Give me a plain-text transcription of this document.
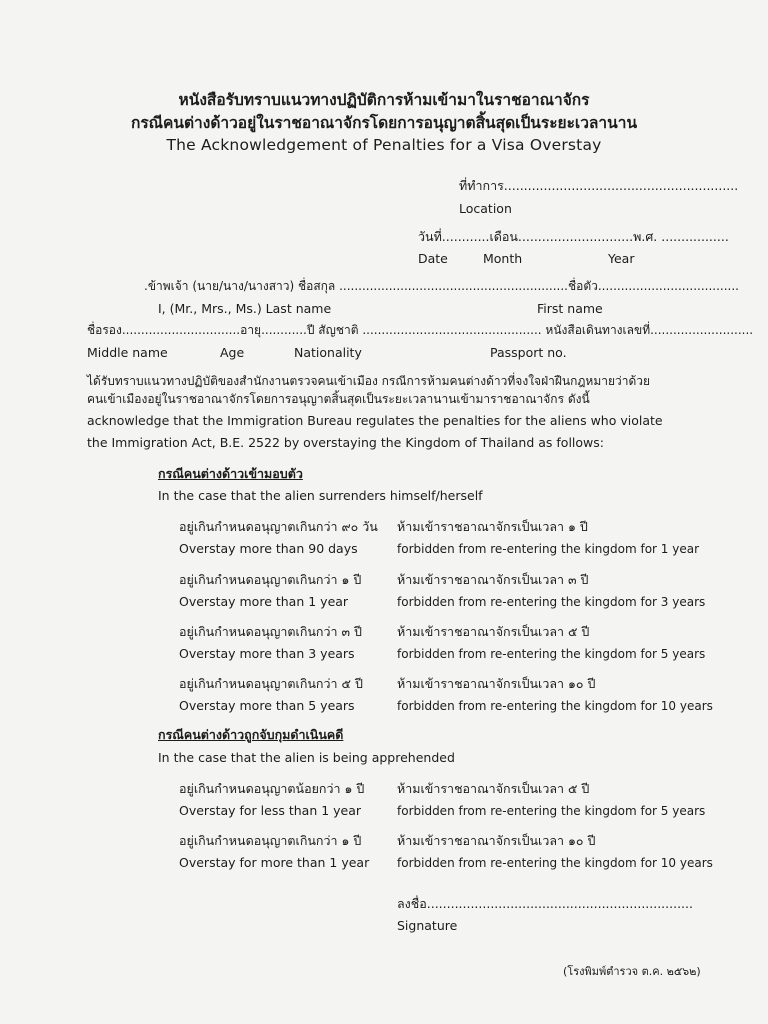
หนังสือรับทราบแนวทางปฏิบัติการห้ามเข้ามาในราชอาณาจักร
กรณีคนต่างด้าวอยู่ในราชอาณาจักรโดยการอนุญาตสิ้นสุดเป็นระยะเวลานาน
The Acknowledgement of Penalties for a Visa Overstay
ที่ทำการ...........................................................
Location
วันที่............เดือน.............................พ.ศ. .................
Date	Month	Year
.ข้าพเจ้า (นาย/นาง/นางสาว) ชื่อสกุล ............................................................ชื่อตัว.....................................
I, (Mr., Mrs., Ms.) Last name	First name
ชื่อรอง...............................อายุ............ปี สัญชาติ ............................................... หนังสือเดินทางเลขที่...........................
Middle name	Age	Nationality	Passport no.
ได้รับทราบแนวทางปฏิบัติของสำนักงานตรวจคนเข้าเมือง กรณีการห้ามคนต่างด้าวที่จงใจฝ่าฝืนกฎหมายว่าด้วย
คนเข้าเมืองอยู่ในราชอาณาจักรโดยการอนุญาตสิ้นสุดเป็นระยะเวลานานเข้ามาราชอาณาจักร ดังนี้
acknowledge that the Immigration Bureau regulates the penalties for the aliens who violate
the Immigration Act, B.E. 2522 by overstaying the Kingdom of Thailand as follows:
กรณีคนต่างด้าวเข้ามอบตัว
In the case that the alien surrenders himself/herself
อยู่เกินกำหนดอนุญาตเกินกว่า ๙๐ วัน ห้ามเข้าราชอาณาจักรเป็นเวลา ๑ ปี
Overstay more than 90 days	forbidden from re-entering the kingdom for 1 year
อยู่เกินกำหนดอนุญาตเกินกว่า ๑ ปี	ห้ามเข้าราชอาณาจักรเป็นเวลา ๓ ปี
Overstay more than 1 year	forbidden from re-entering the kingdom for 3 years
อยู่เกินกำหนดอนุญาตเกินกว่า ๓ ปี	ห้ามเข้าราชอาณาจักรเป็นเวลา ๕ ปี
Overstay more than 3 years	forbidden from re-entering the kingdom for 5 years
อยู่เกินกำหนดอนุญาตเกินกว่า ๕ ปี	ห้ามเข้าราชอาณาจักรเป็นเวลา ๑๐ ปี
Overstay more than 5 years	forbidden from re-entering the kingdom for 10 years
กรณีคนต่างด้าวถูกจับกุมดำเนินคดี
In the case that the alien is being apprehended
อยู่เกินกำหนดอนุญาตน้อยกว่า ๑ ปี	ห้ามเข้าราชอาณาจักรเป็นเวลา ๕ ปี
Overstay for less than 1 year	forbidden from re-entering the kingdom for 5 years
อยู่เกินกำหนดอนุญาตเกินกว่า ๑ ปี	ห้ามเข้าราชอาณาจักรเป็นเวลา ๑๐ ปี
Overstay for more than 1 year forbidden from re-entering the kingdom for 10 years
ลงชื่อ...................................................................
Signature
(โรงพิมพ์ตำรวจ ต.ค. ๒๕๖๒)
